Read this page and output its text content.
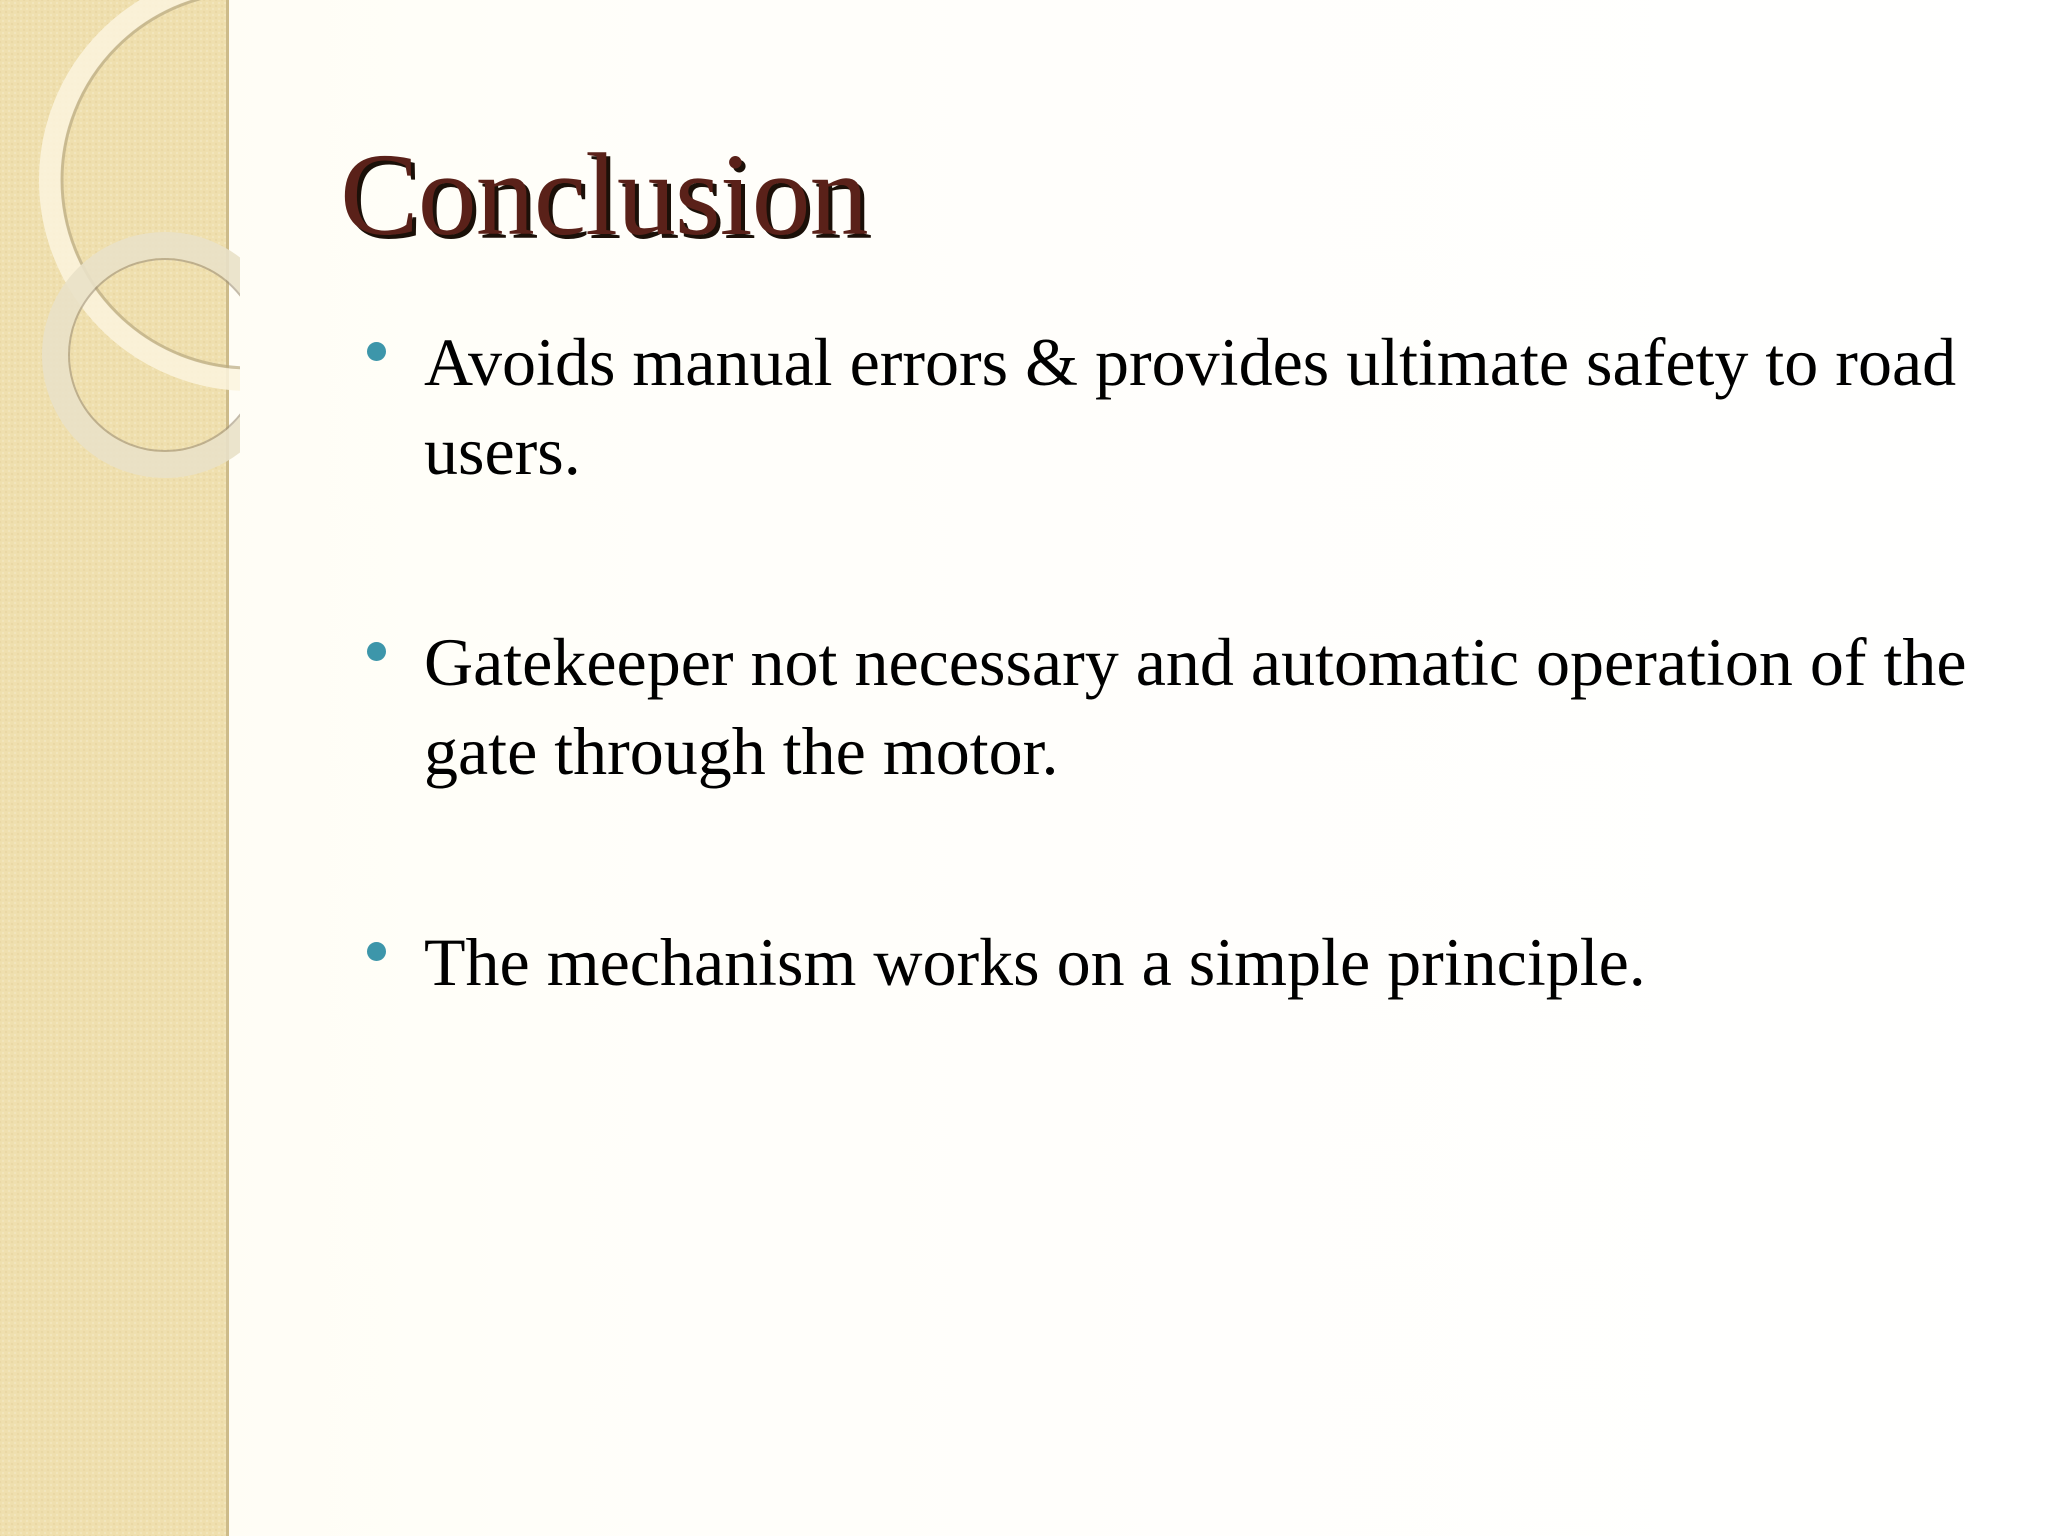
Conclusion
Avoids manual errors & provides ultimate safety to road users.
Gatekeeper not necessary and automatic operation of the gate through the motor.
The mechanism works on a simple principle.
